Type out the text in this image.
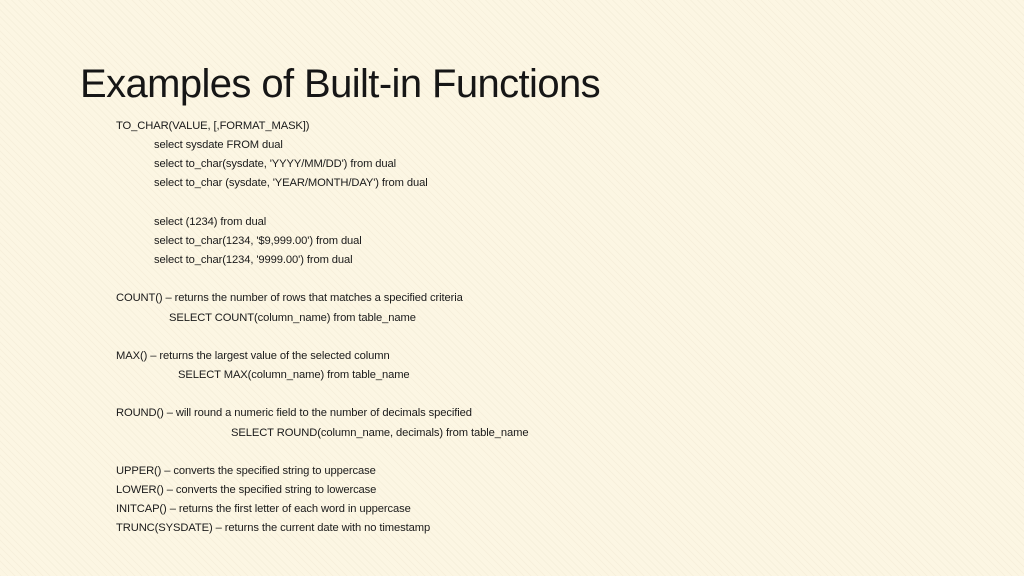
Examples of Built-in Functions
TO_CHAR(VALUE, [,FORMAT_MASK])
select sysdate FROM dual
select to_char(sysdate, 'YYYY/MM/DD') from dual
select to_char (sysdate, 'YEAR/MONTH/DAY') from dual
select (1234) from dual
select to_char(1234, '$9,999.00') from dual
select to_char(1234, '9999.00') from dual
COUNT() – returns the number of rows that matches a specified criteria
SELECT COUNT(column_name) from table_name
MAX() – returns the largest value of the selected column
SELECT MAX(column_name) from table_name
ROUND() – will round a numeric field to the number of decimals specified
SELECT ROUND(column_name, decimals) from table_name
UPPER() – converts the specified string to uppercase
LOWER() – converts the specified string to lowercase
INITCAP() – returns the first letter of each word in uppercase
TRUNC(SYSDATE) – returns the current date with no timestamp
